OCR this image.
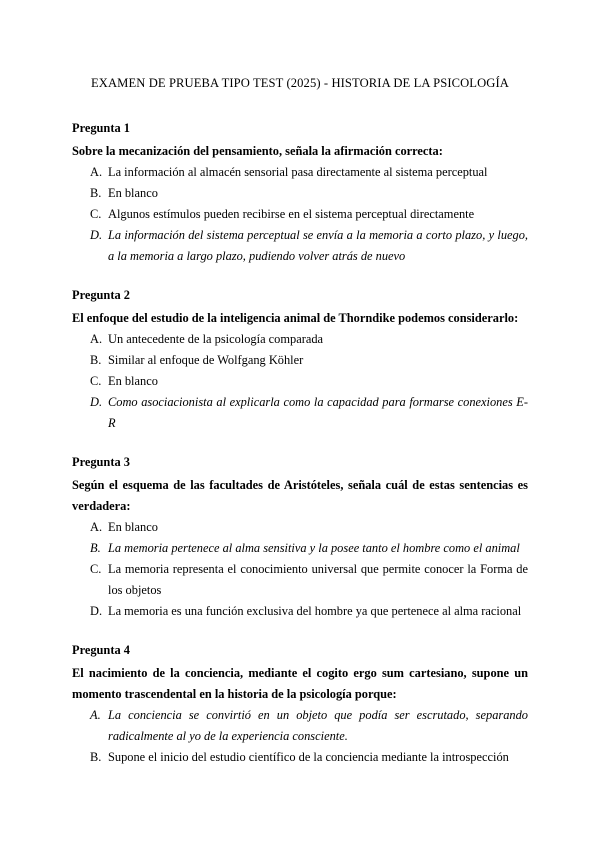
EXAMEN DE PRUEBA TIPO TEST (2025) - HISTORIA DE LA PSICOLOGÍA
Pregunta 1
Sobre la mecanización del pensamiento, señala la afirmación correcta:
A. La información al almacén sensorial pasa directamente al sistema perceptual
B. En blanco
C. Algunos estímulos pueden recibirse en el sistema perceptual directamente
D. La información del sistema perceptual se envía a la memoria a corto plazo, y luego, a la memoria a largo plazo, pudiendo volver atrás de nuevo
Pregunta 2
El enfoque del estudio de la inteligencia animal de Thorndike podemos considerarlo:
A. Un antecedente de la psicología comparada
B. Similar al enfoque de Wolfgang Köhler
C. En blanco
D. Como asociacionista al explicarla como la capacidad para formarse conexiones E-R
Pregunta 3
Según el esquema de las facultades de Aristóteles, señala cuál de estas sentencias es verdadera:
A. En blanco
B. La memoria pertenece al alma sensitiva y la posee tanto el hombre como el animal
C. La memoria representa el conocimiento universal que permite conocer la Forma de los objetos
D. La memoria es una función exclusiva del hombre ya que pertenece al alma racional
Pregunta 4
El nacimiento de la conciencia, mediante el cogito ergo sum cartesiano, supone un momento trascendental en la historia de la psicología porque:
A. La conciencia se convirtió en un objeto que podía ser escrutado, separando radicalmente al yo de la experiencia consciente.
B. Supone el inicio del estudio científico de la conciencia mediante la introspección
